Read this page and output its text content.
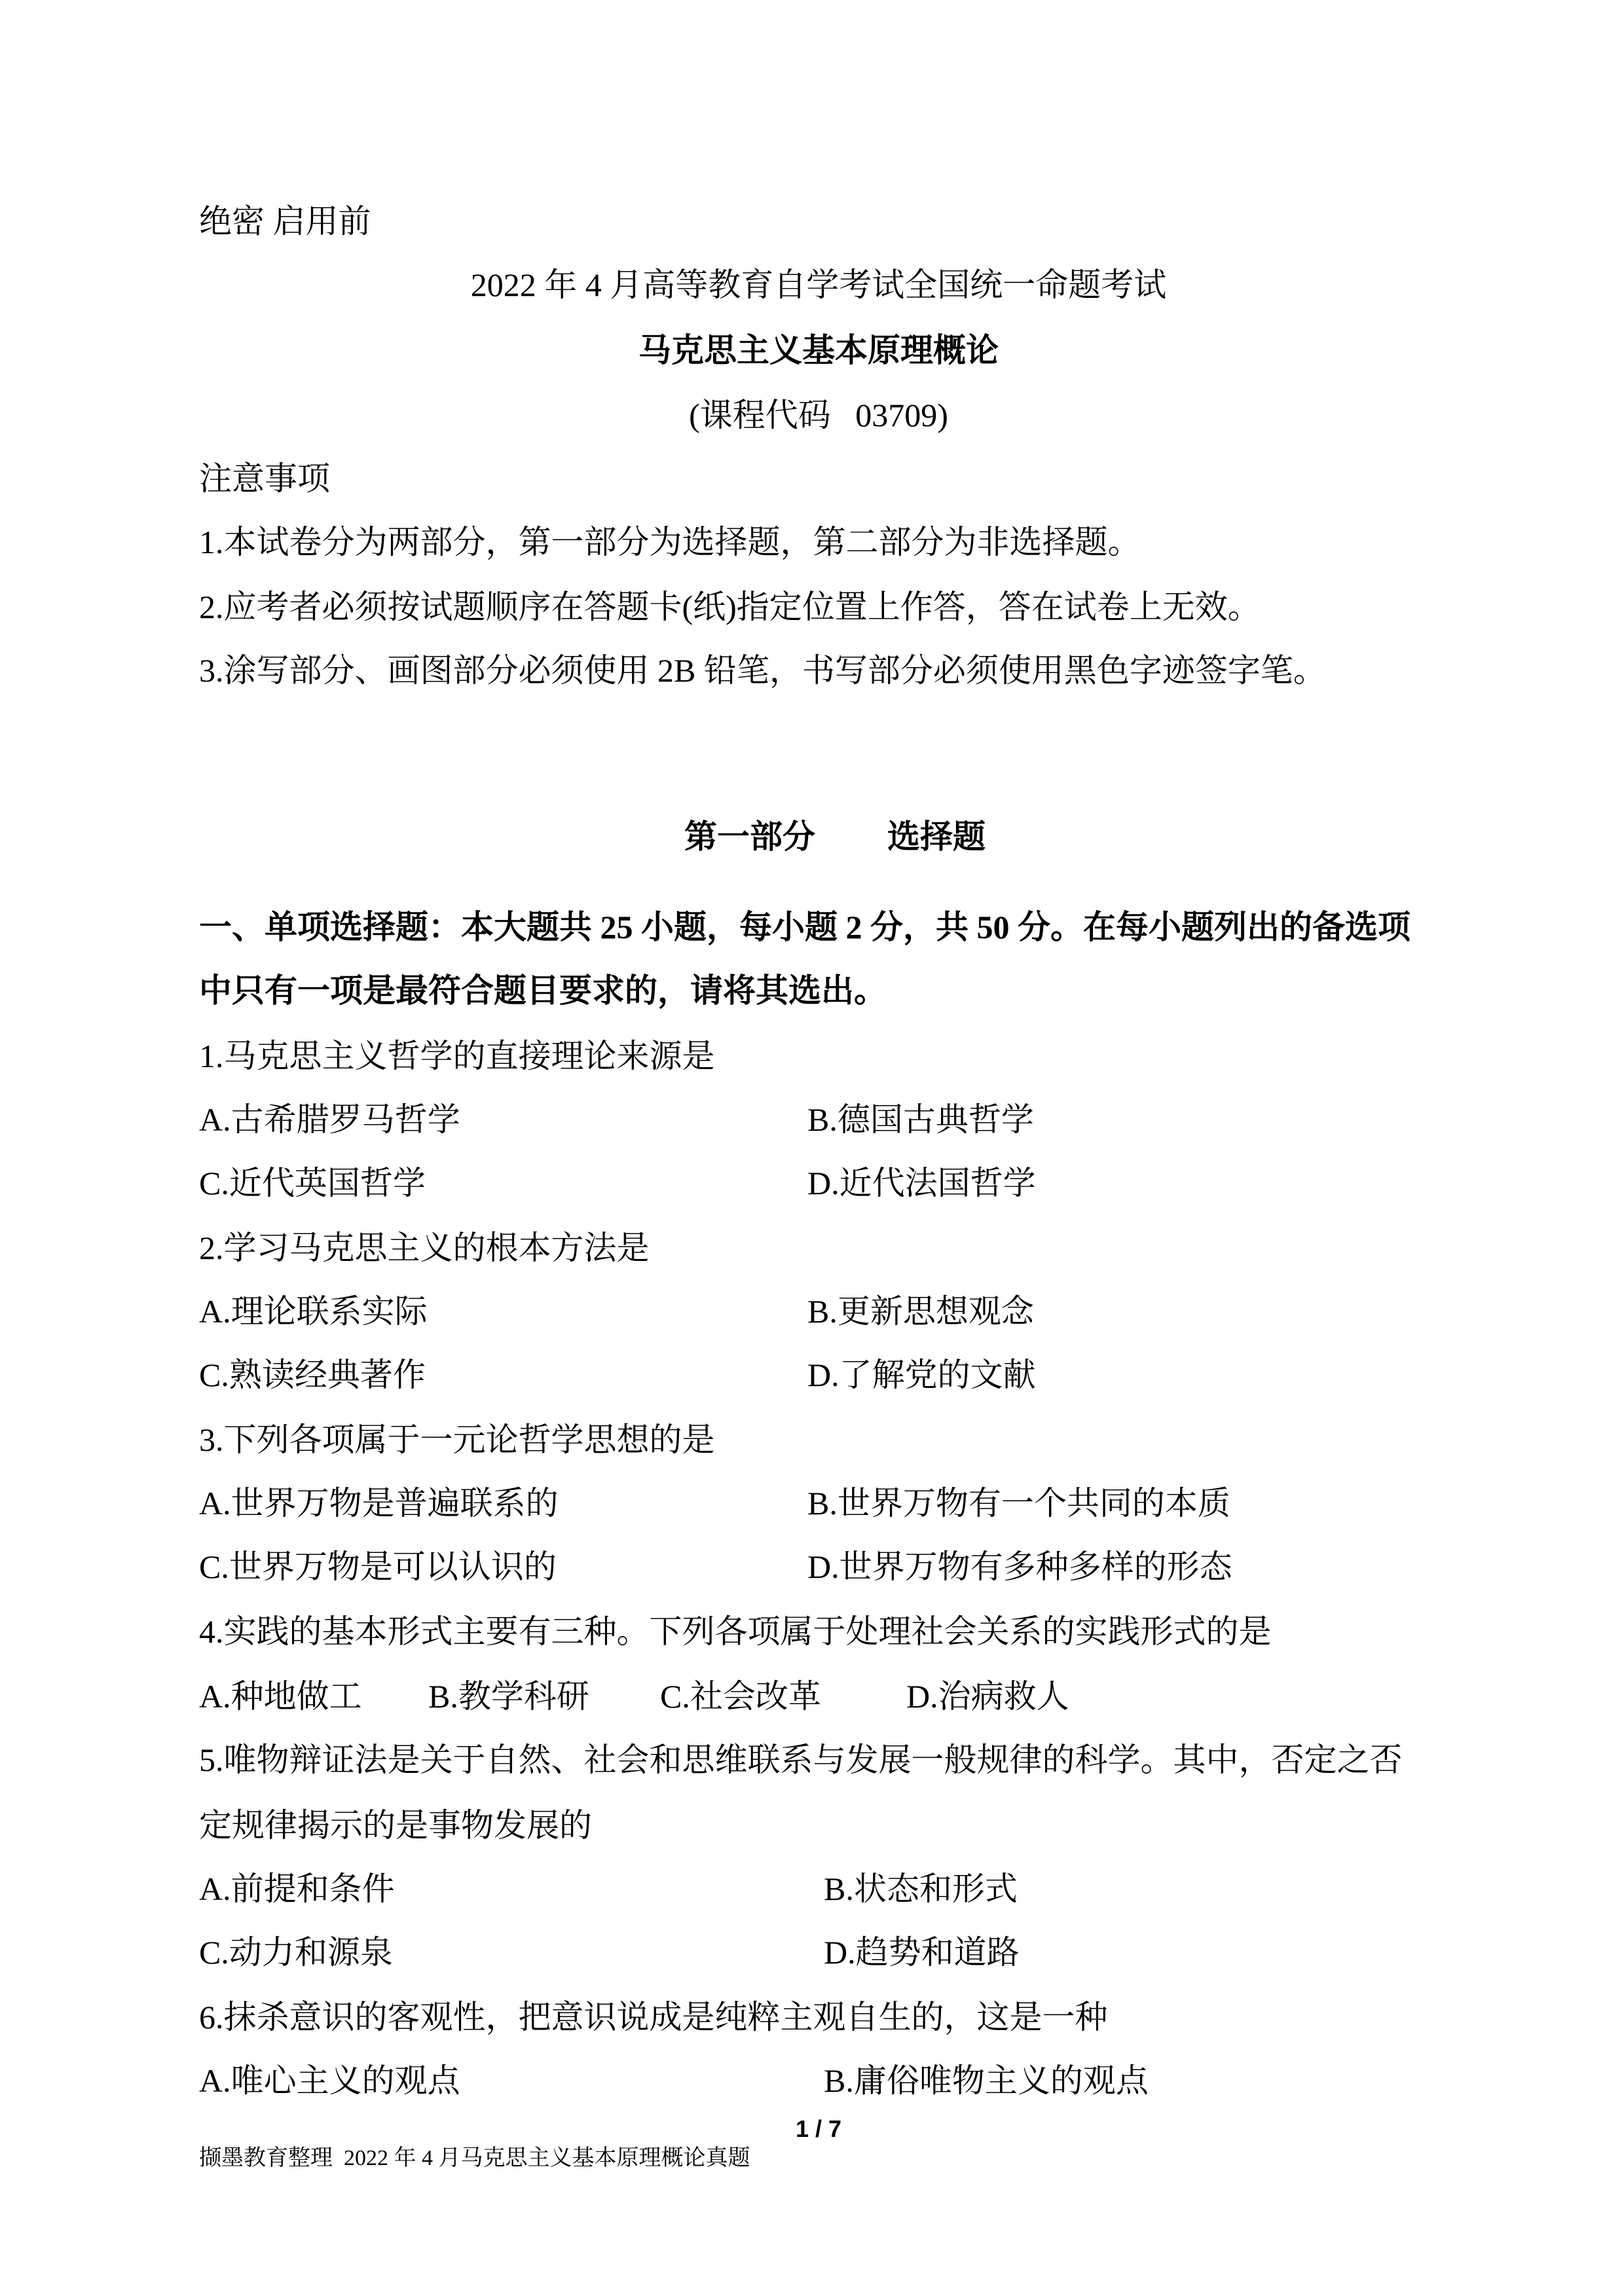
绝密 启用前
2022 年 4 月高等教育自学考试全国统一命题考试
马克思主义基本原理概论
(课程代码   03709)
注意事项
1.本试卷分为两部分，第一部分为选择题，第二部分为非选择题。
2.应考者必须按试题顺序在答题卡(纸)指定位置上作答，答在试卷上无效。
3.涂写部分、画图部分必须使用 2B 铅笔，书写部分必须使用黑色字迹签字笔。

第一部分 选择题

一、单项选择题：本大题共 25 小题，每小题 2 分，共 50 分。在每小题列出的备选项
中只有一项是最符合题目要求的，请将其选出。
1.马克思主义哲学的直接理论来源是
A.古希腊罗马哲学	B.德国古典哲学
C.近代英国哲学	D.近代法国哲学
2.学习马克思主义的根本方法是
A.理论联系实际	B.更新思想观念
C.熟读经典著作	D.了解党的文献
3.下列各项属于一元论哲学思想的是
A.世界万物是普遍联系的	B.世界万物有一个共同的本质
C.世界万物是可以认识的	D.世界万物有多种多样的形态
4.实践的基本形式主要有三种。下列各项属于处理社会关系的实践形式的是
A.种地做工 B.教学科研 C.社会改革	D.治病救人
5.唯物辩证法是关于自然、社会和思维联系与发展一般规律的科学。其中，否定之否
定规律揭示的是事物发展的
A.前提和条件	B.状态和形式
C.动力和源泉	D.趋势和道路
6.抹杀意识的客观性，把意识说成是纯粹主观自生的，这是一种
A.唯心主义的观点	B.庸俗唯物主义的观点
1 / 7
撷墨教育整理  2022 年 4 月马克思主义基本原理概论真题
